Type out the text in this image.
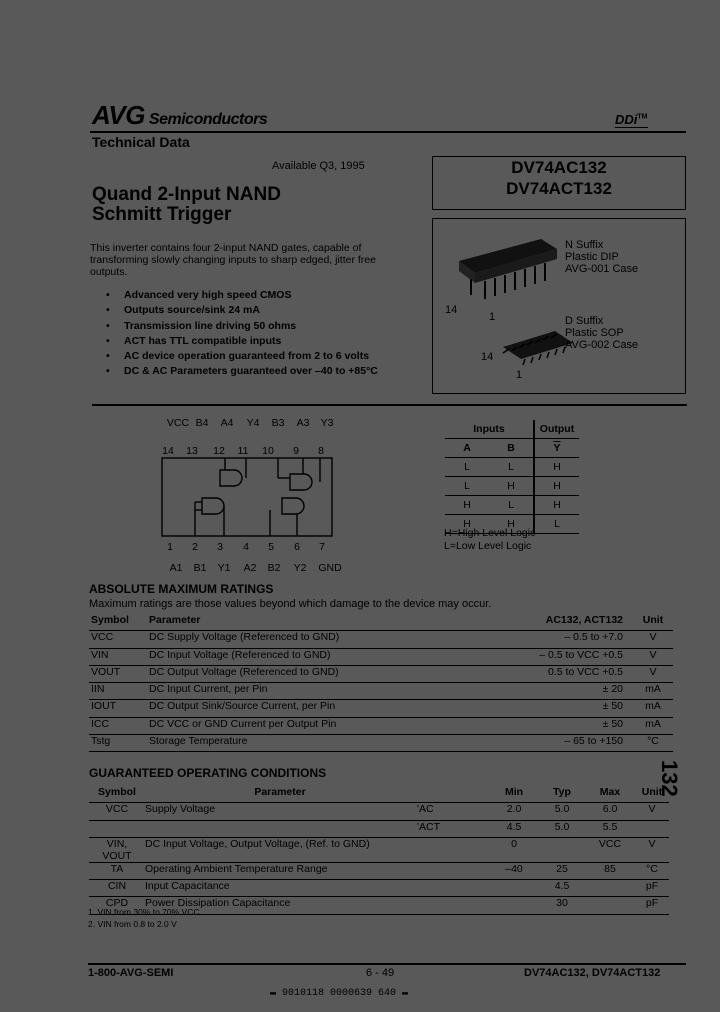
AVG Semiconductors	DDi™
Technical Data
Available Q3, 1995	DV74AC132
DV74ACT132
Quand 2-Input NAND
Schmitt Trigger
This inverter contains four 2-input NAND gates, capable of transforming slowly changing inputs to sharp edged, jitter free outputs.
• Advanced very high speed CMOS
• Outputs source/sink 24 mA
• Transmission line driving 50 ohms
• ACT has TTL compatible inputs
• AC device operation guaranteed from 2 to 6 volts
• DC & AC Parameters guaranteed over –40 to +85°C
N Suffix
Plastic DIP
AVG-001 Case
14
1	D Suffix
Plastic SOP
AVG-002 Case
14
1
VCC B4 A4 Y4 B3 A3 Y3
14 13 12 11 10 9 8
1 2 3 4 5 6 7
A1 B1 Y1 A2 B2 Y2 GND
Inputs		Output
A	B	$\overline{Y}$
L	L	H
L	H	H
H	L	H
H	H	L
H=High Level Logic
L=Low Level Logic
ABSOLUTE MAXIMUM RATINGS
Maximum ratings are those values beyond which damage to the device may occur.
Symbol	Parameter	AC132, ACT132	Unit
VCC	DC Supply Voltage (Referenced to GND)	– 0.5 to +7.0	V
VIN	DC Input Voltage (Referenced to GND)	– 0.5 to VCC +0.5	V
VOUT	DC Output Voltage (Referenced to GND)	0.5 to VCC +0.5	V
IIN	DC Input Current, per Pin	± 20	mA
IOUT	DC Output Sink/Source Current, per Pin	± 50	mA
ICC	DC VCC or GND Current per Output Pin	± 50	mA
Tstg	Storage Temperature	– 65 to +150	°C
GUARANTEED OPERATING CONDITIONS
Symbol	Parameter		Min	Typ	Max	Unit
VCC	Supply Voltage	'AC	2.0	5.0	6.0	V
		'ACT	4.5	5.0	5.5	
VIN, VOUT	DC Input Voltage, Output Voltage, (Ref. to GND)		0		VCC	V
TA	Operating Ambient Temperature Range		–40	25	85	°C
CIN	Input Capacitance			4.5		pF
CPD	Power Dissipation Capacitance			30		pF
1. VIN from 30% to 70% VCC
2. VIN from 0.8 to 2.0 V
132
1-800-AVG-SEMI	6 - 49	DV74AC132, DV74ACT132
▬ 9010118 0000639 640 ▬
